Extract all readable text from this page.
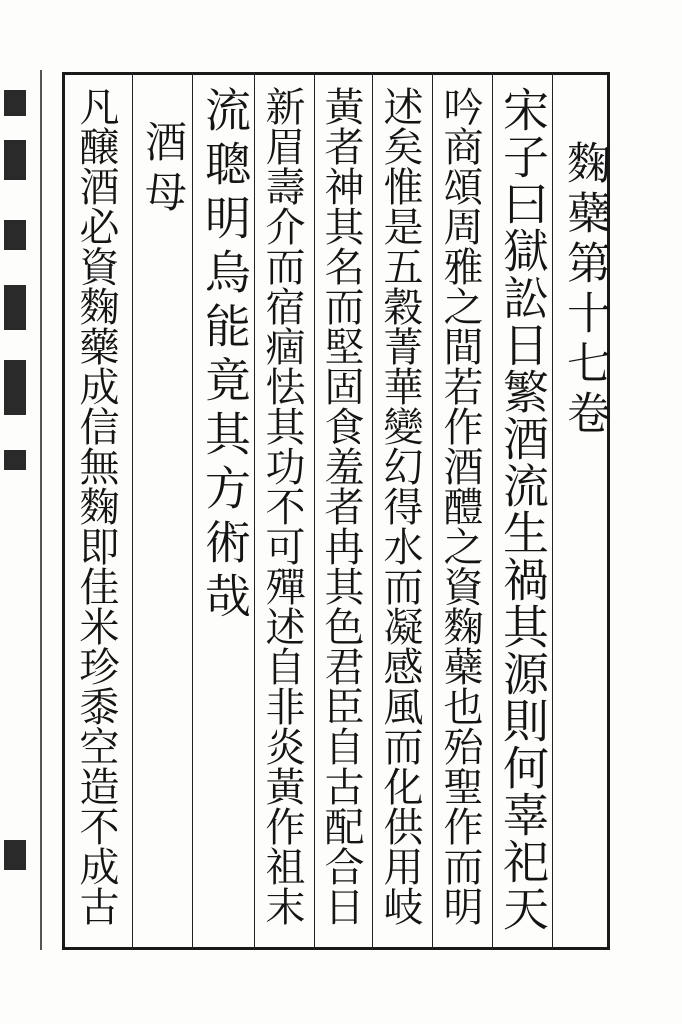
麴蘗第十七卷
宋子曰獄訟日繁酒流生禍其源則何辜祀天
吟商頌周雅之間若作酒醴之資麴蘗也殆聖作而明
述矣惟是五穀菁華變幻得水而凝感風而化供用岐
黃者神其名而堅固食羞者冉其色君臣自古配合日
新眉壽介而宿痼怯其功不可殫述自非炎黃作祖末
流聰明烏能竟其方術哉
酒母
凡醸酒必資麴藥成信無麴即佳米珍黍空造不成古
